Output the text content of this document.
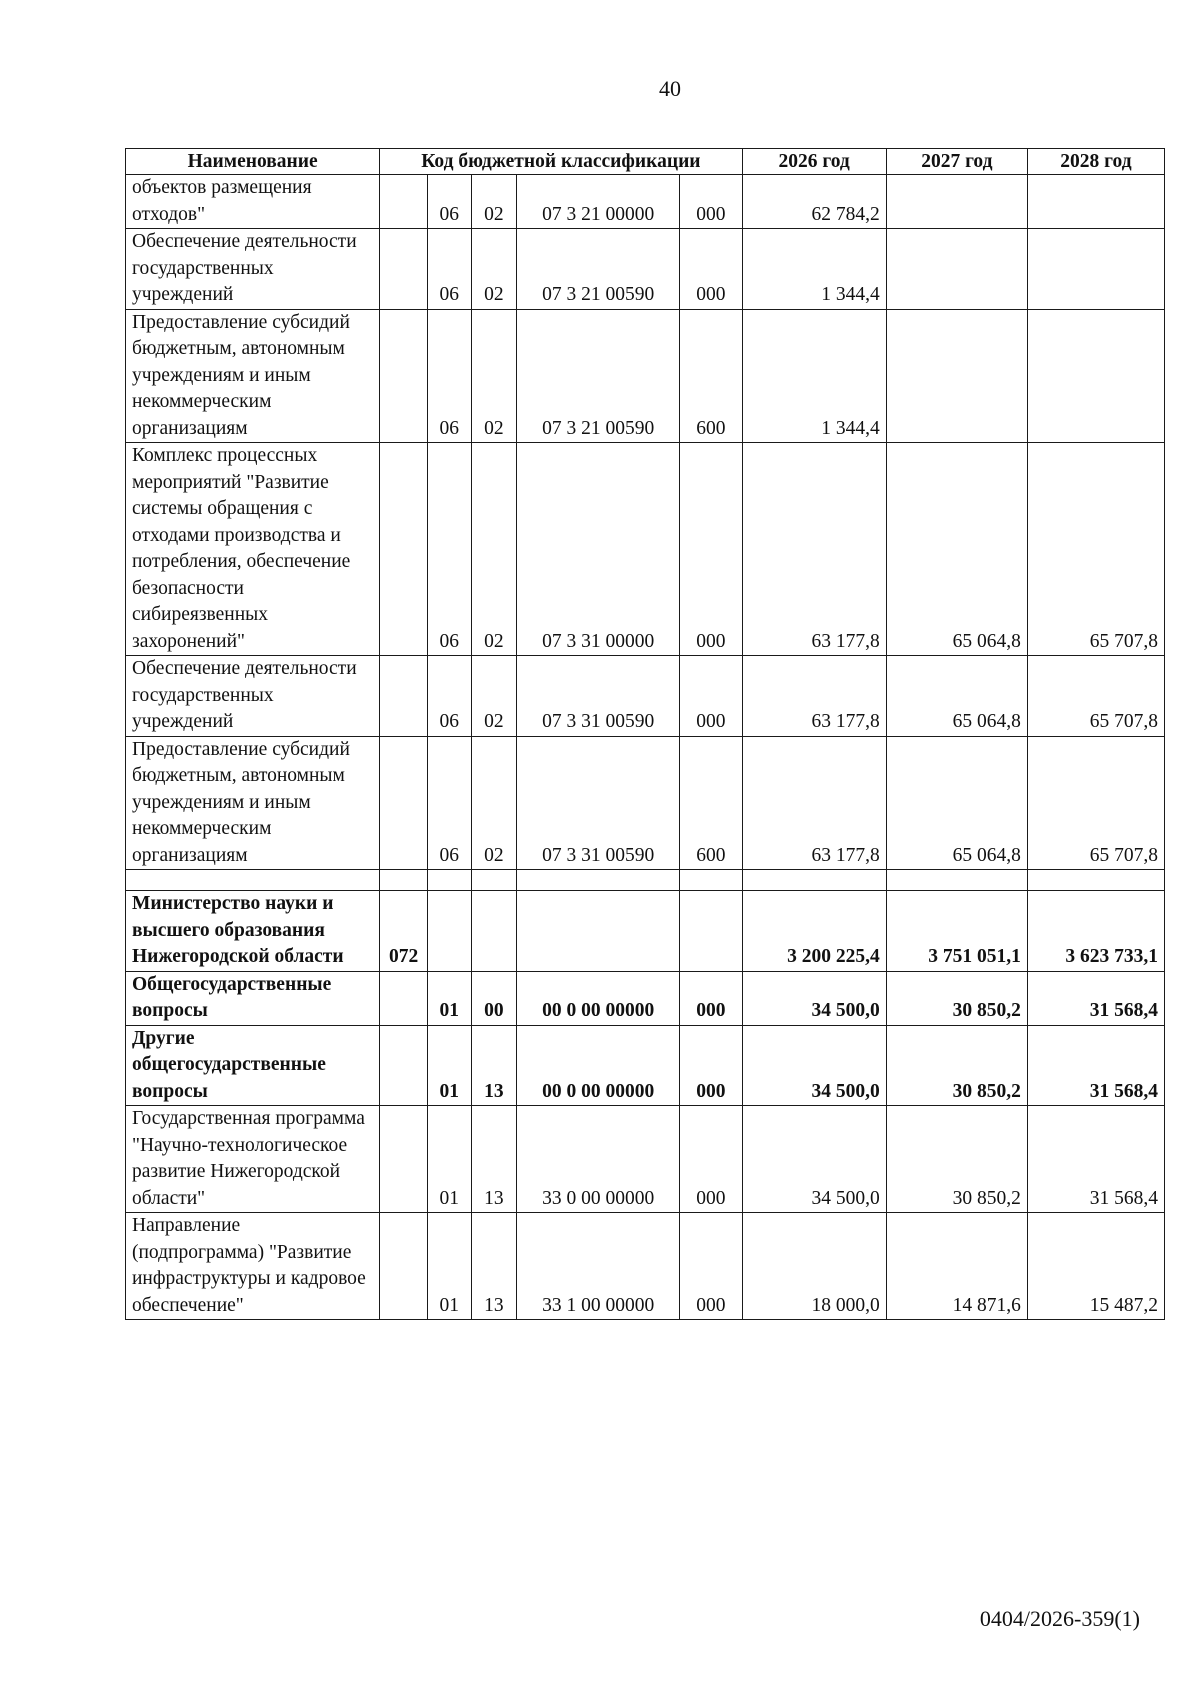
40
Наименование	Код бюджетной классификации					2026 год	2027 год	2028 год
объектов размещения отходов"		06	02	07 3 21 00000	000	62 784,2		
Обеспечение деятельности государственных учреждений		06	02	07 3 21 00590	000	1 344,4		
Предоставление субсидий бюджетным, автономным учреждениям и иным некоммерческим организациям		06	02	07 3 21 00590	600	1 344,4		
Комплекс процессных мероприятий "Развитие системы обращения с отходами производства и потребления, обеспечение безопасности сибиреязвенных захоронений"		06	02	07 3 31 00000	000	63 177,8	65 064,8	65 707,8
Обеспечение деятельности государственных учреждений		06	02	07 3 31 00590	000	63 177,8	65 064,8	65 707,8
Предоставление субсидий бюджетным, автономным учреждениям и иным некоммерческим организациям		06	02	07 3 31 00590	600	63 177,8	65 064,8	65 707,8

Министерство науки и высшего образования Нижегородской области	072					3 200 225,4	3 751 051,1	3 623 733,1
Общегосударственные вопросы		01	00	00 0 00 00000	000	34 500,0	30 850,2	31 568,4
Другие общегосударственные вопросы		01	13	00 0 00 00000	000	34 500,0	30 850,2	31 568,4
Государственная программа "Научно-технологическое развитие Нижегородской области"		01	13	33 0 00 00000	000	34 500,0	30 850,2	31 568,4
Направление (подпрограмма) "Развитие инфраструктуры и кадровое обеспечение"		01	13	33 1 00 00000	000	18 000,0	14 871,6	15 487,2
0404/2026-359(1)
